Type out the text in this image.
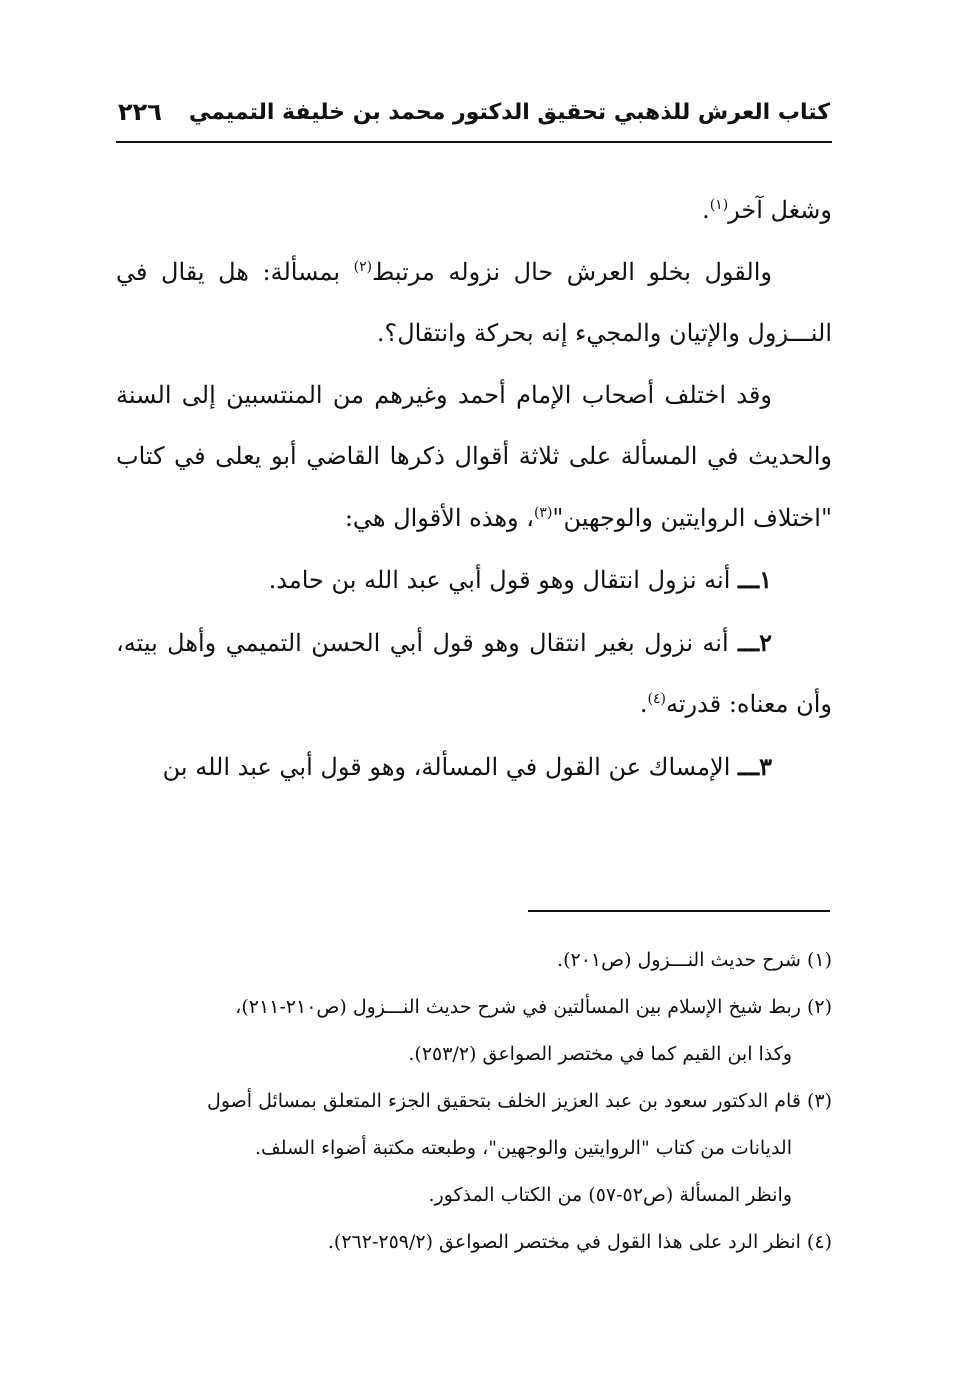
كتاب العرش للذهبي تحقيق الدكتور محمد بن خليفة التميمي
٢٢٦

وشغل آخر$^{(١)}$.

والقول بخلو العرش حال نزوله مرتبط$^{(٢)}$ بمسألة: هل يقال في النـــزول والإتيان والمجيء إنه بحركة وانتقال؟.

وقد اختلف أصحاب الإمام أحمد وغيرهم من المنتسبين إلى السنة والحديث في المسألة على ثلاثة أقوال ذكرها القاضي أبو يعلى في كتاب "اختلاف الروايتين والوجهين"$^{(٣)}$، وهذه الأقوال هي:

١ـــ أنه نزول انتقال وهو قول أبي عبد الله بن حامد.

٢ـــ أنه نزول بغير انتقال وهو قول أبي الحسن التميمي وأهل بيته، وأن معناه: قدرته$^{(٤)}$.

٣ـــ الإمساك عن القول في المسألة، وهو قول أبي عبد الله بن

(١) شرح حديث النـــزول (ص٢٠١).

(٢) ربط شيخ الإسلام بين المسألتين في شرح حديث النـــزول (ص٢١٠-٢١١)،

وكذا ابن القيم كما في مختصر الصواعق (٢٥٣/٢).

(٣) قام الدكتور سعود بن عبد العزيز الخلف بتحقيق الجزء المتعلق بمسائل أصول

الديانات من كتاب "الروايتين والوجهين"، وطبعته مكتبة أضواء السلف.

وانظر المسألة (ص٥٢-٥٧) من الكتاب المذكور.

(٤) انظر الرد على هذا القول في مختصر الصواعق (٢٥٩/٢-٢٦٢).
